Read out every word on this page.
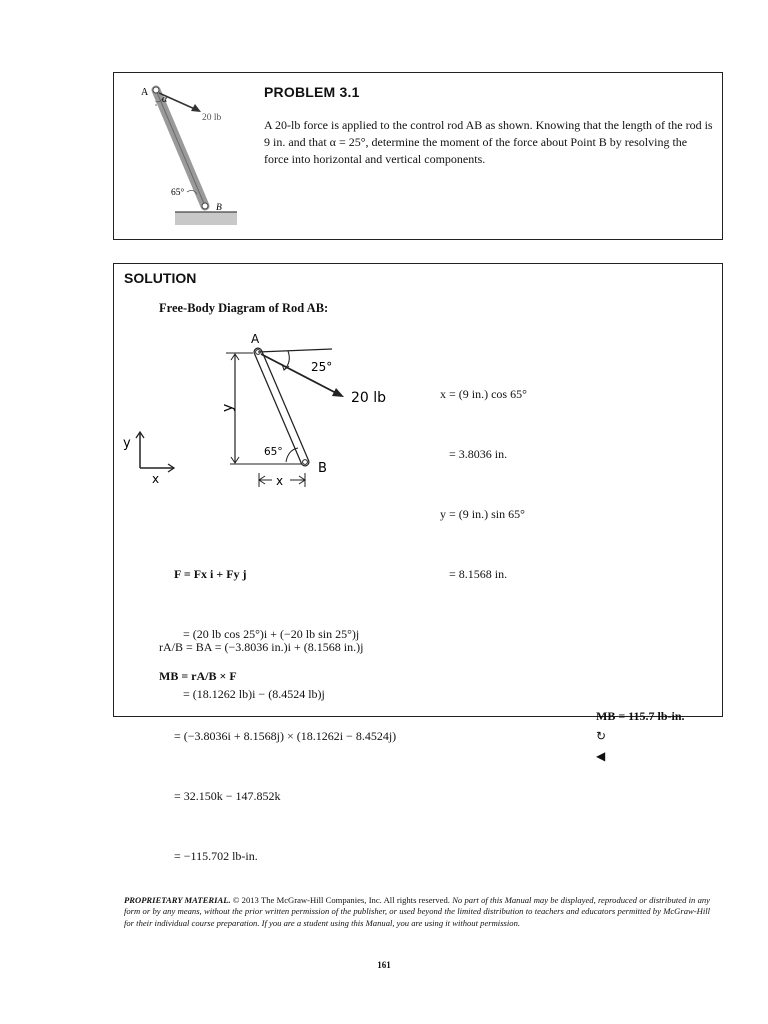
A
α
20 lb
65°
B
PROBLEM 3.1
A 20-lb force is applied to the control rod AB as shown. Knowing that the length of the rod is 9 in. and that α = 25°, determine the moment of the force about Point B by resolving the force into horizontal and vertical components.
SOLUTION
Free-Body Diagram of Rod AB:
y
x
y
25°
20 lb
65°
A
B
x

x = (9 in.) cos 65°

= 3.8036 in.

y = (9 in.) sin 65°

= 8.1568 in.

F = Fx i + Fy j

= (20 lb cos 25°)i + (−20 lb sin 25°)j

= (18.1262 lb)i − (8.4524 lb)j

rA/B = BA = (−3.8036 in.)i + (8.1568 in.)j

MB = rA/B × F

= (−3.8036i + 8.1568j) × (18.1262i − 8.4524j)

= 32.150k − 147.852k

= −115.702 lb-in.

MB = 115.7 lb-in.
↻
◀

PROPRIETARY MATERIAL. © 2013 The McGraw-Hill Companies, Inc. All rights reserved. No part of this Manual may be displayed, reproduced or distributed in any form or by any means, without the prior written permission of the publisher, or used beyond the limited distribution to teachers and educators permitted by McGraw-Hill for their individual course preparation. If you are a student using this Manual, you are using it without permission.
161
